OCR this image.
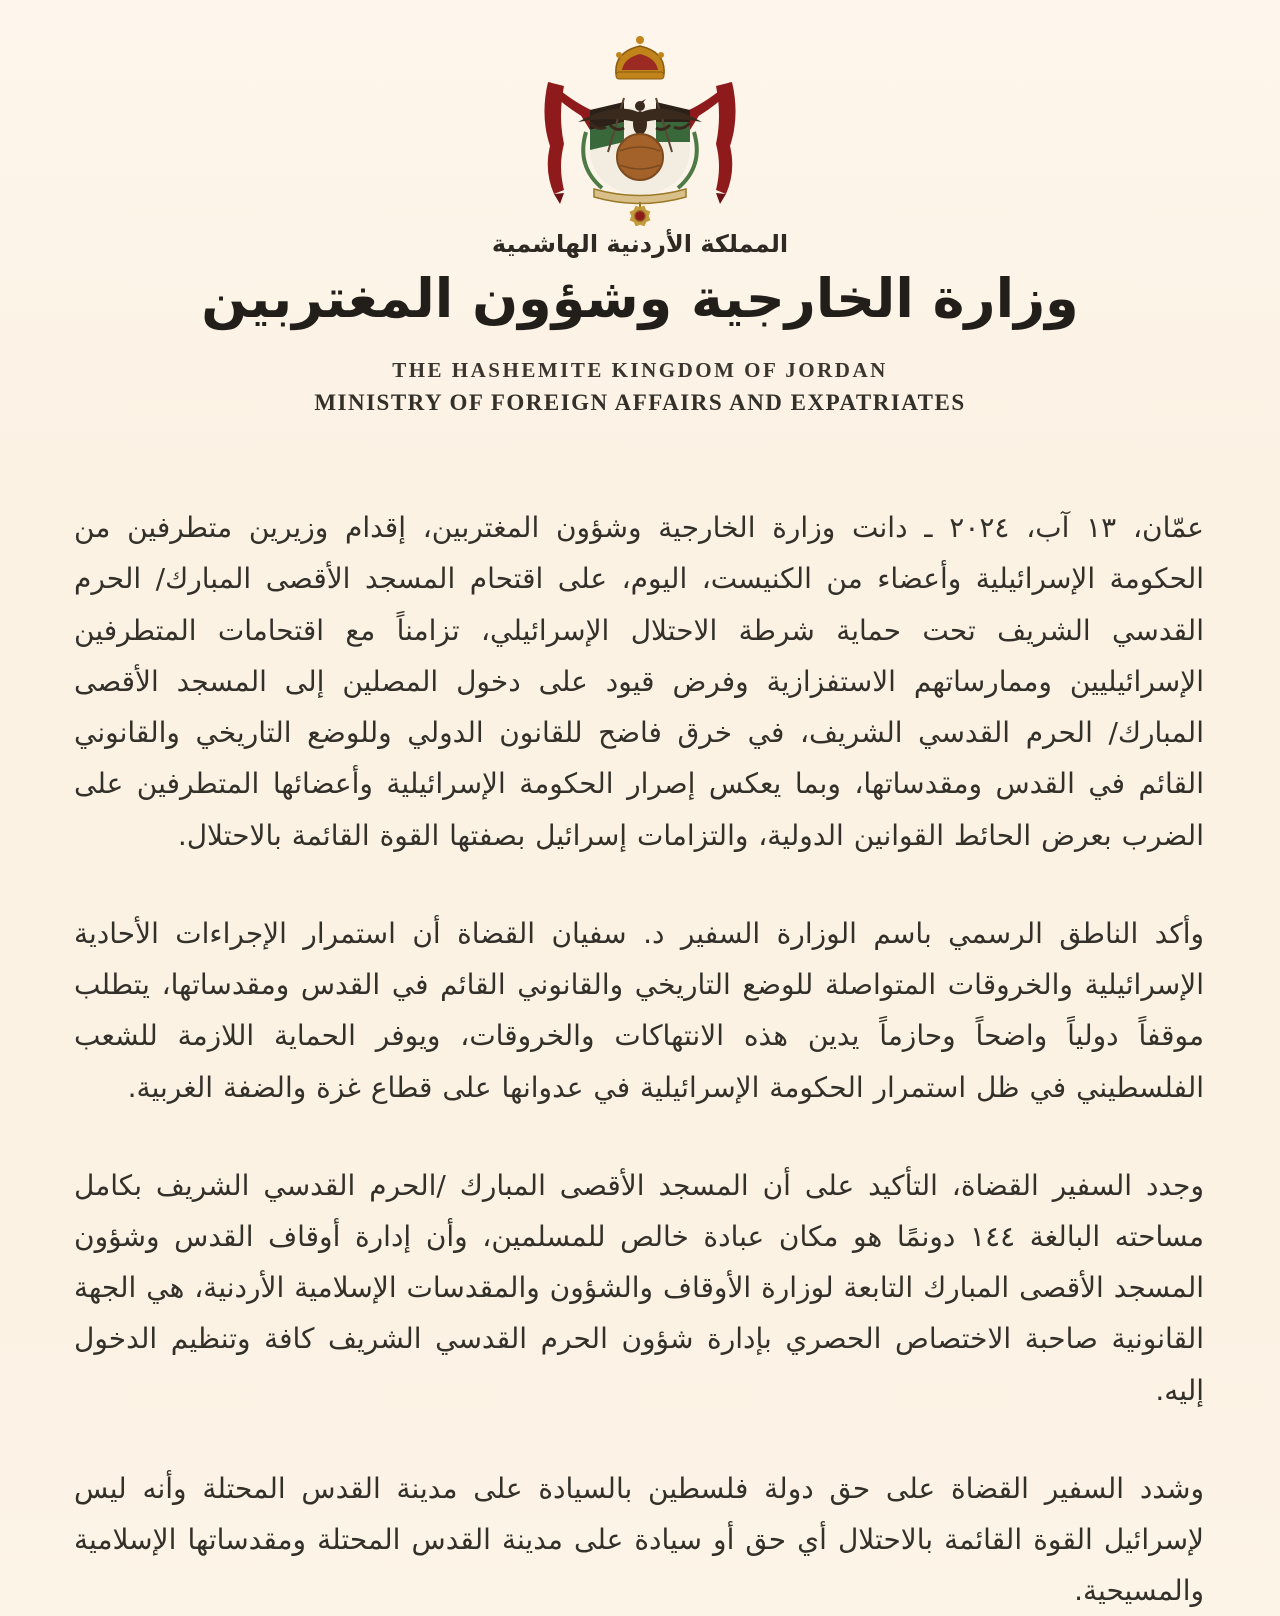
المملكة الأردنية الهاشمية
وزارة الخارجية وشؤون المغتربين
THE HASHEMITE KINGDOM OF JORDAN
MINISTRY OF FOREIGN AFFAIRS AND EXPATRIATES

عمّان، ١٣ آب، ٢٠٢٤ ـ دانت وزارة الخارجية وشؤون المغتربين، إقدام وزيرين متطرفين من الحكومة الإسرائيلية وأعضاء من الكنيست، اليوم، على اقتحام المسجد الأقصى المبارك/ الحرم القدسي الشريف تحت حماية شرطة الاحتلال الإسرائيلي، تزامناً مع اقتحامات المتطرفين الإسرائيليين وممارساتهم الاستفزازية وفرض قيود على دخول المصلين إلى المسجد الأقصى المبارك/ الحرم القدسي الشريف، في خرق فاضح للقانون الدولي وللوضع التاريخي والقانوني القائم في القدس ومقدساتها، وبما يعكس إصرار الحكومة الإسرائيلية وأعضائها المتطرفين على الضرب بعرض الحائط القوانين الدولية، والتزامات إسرائيل بصفتها القوة القائمة بالاحتلال.

وأكد الناطق الرسمي باسم الوزارة السفير د. سفيان القضاة أن استمرار الإجراءات الأحادية الإسرائيلية والخروقات المتواصلة للوضع التاريخي والقانوني القائم في القدس ومقدساتها، يتطلب موقفاً دولياً واضحاً وحازماً يدين هذه الانتهاكات والخروقات، ويوفر الحماية اللازمة للشعب الفلسطيني في ظل استمرار الحكومة الإسرائيلية في عدوانها على قطاع غزة والضفة الغربية.

وجدد السفير القضاة، التأكيد على أن المسجد الأقصى المبارك /الحرم القدسي الشريف بكامل مساحته البالغة ١٤٤ دونمًا هو مكان عبادة خالص للمسلمين، وأن إدارة أوقاف القدس وشؤون المسجد الأقصى المبارك التابعة لوزارة الأوقاف والشؤون والمقدسات الإسلامية الأردنية، هي الجهة القانونية صاحبة الاختصاص الحصري بإدارة شؤون الحرم القدسي الشريف كافة وتنظيم الدخول إليه.

وشدد السفير القضاة على حق دولة فلسطين بالسيادة على مدينة القدس المحتلة وأنه ليس لإسرائيل القوة القائمة بالاحتلال أي حق أو سيادة على مدينة القدس المحتلة ومقدساتها الإسلامية والمسيحية.
